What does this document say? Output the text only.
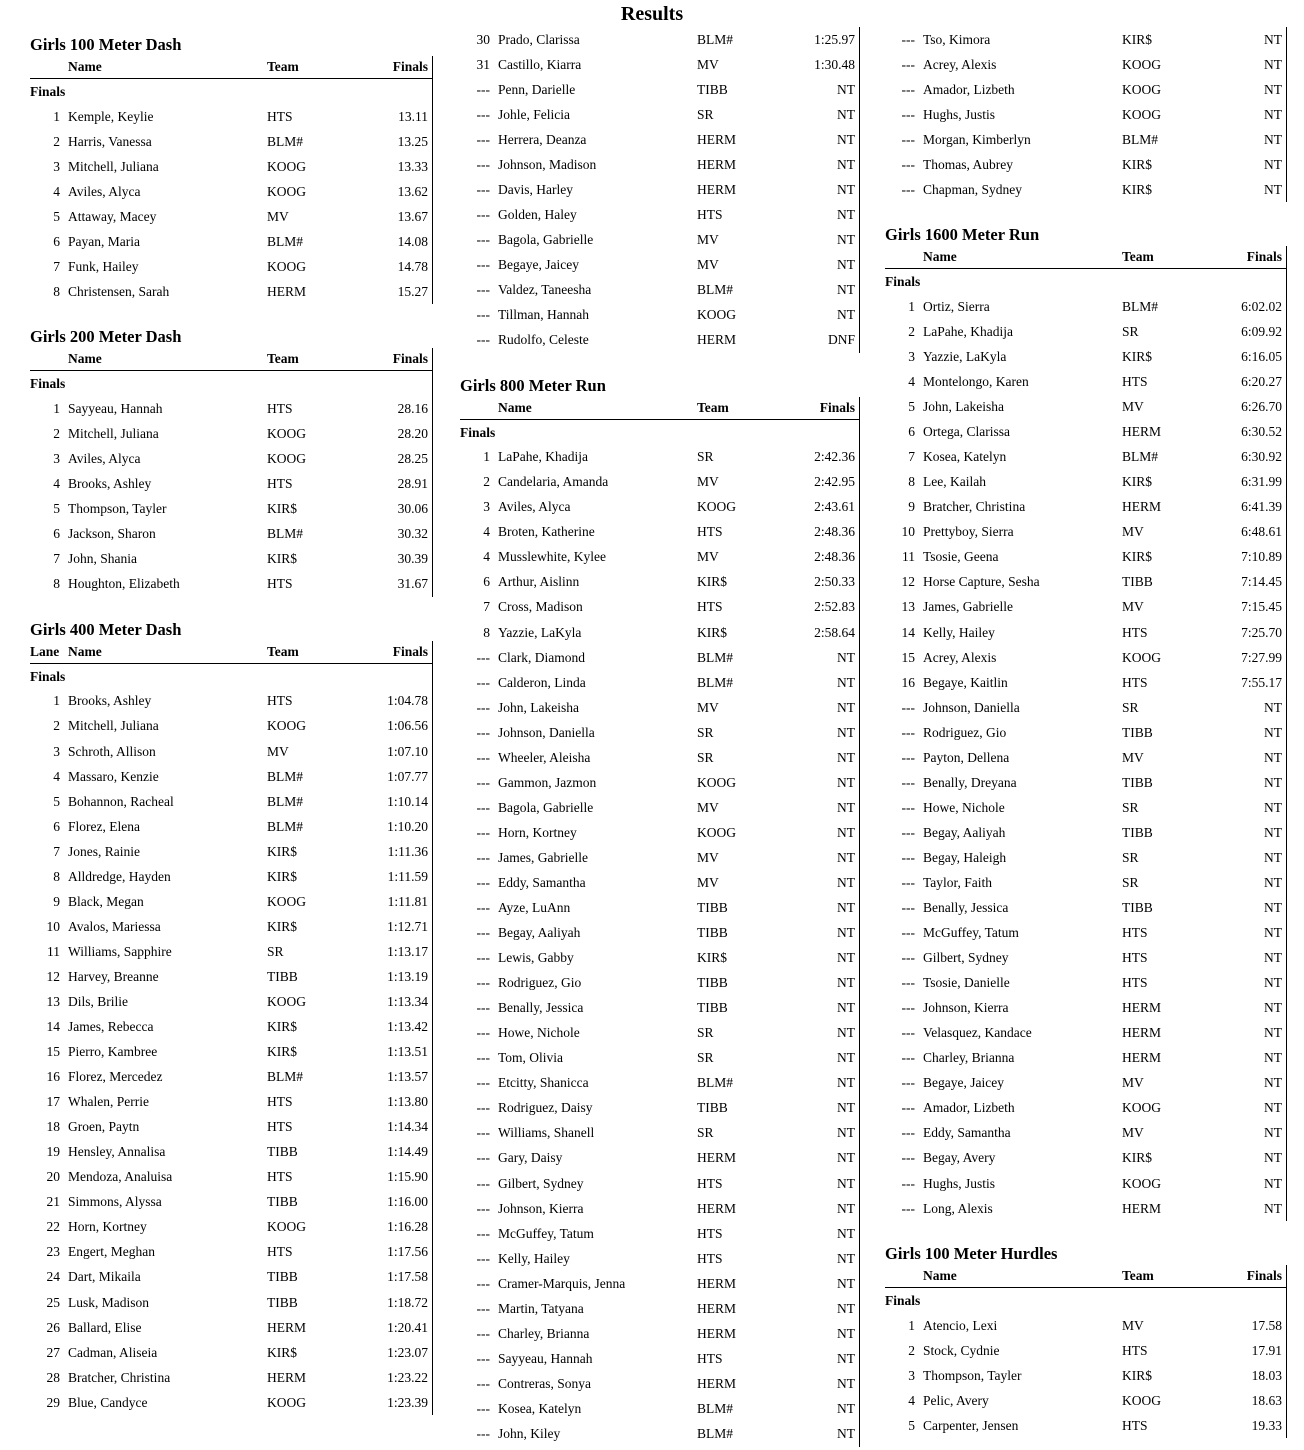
Results
Girls 100 Meter Dash
Name	Team	Finals
Finals
1 Kemple, Keylie	HTS	13.11
2 Harris, Vanessa	BLM#	13.25
3 Mitchell, Juliana	KOOG	13.33
4 Aviles, Alyca	KOOG	13.62
5 Attaway, Macey	MV	13.67
6 Payan, Maria	BLM#	14.08
7 Funk, Hailey	KOOG	14.78
8 Christensen, Sarah	HERM	15.27
Girls 200 Meter Dash
Name	Team	Finals
Finals
1 Sayyeau, Hannah	HTS	28.16
2 Mitchell, Juliana	KOOG	28.20
3 Aviles, Alyca	KOOG	28.25
4 Brooks, Ashley	HTS	28.91
5 Thompson, Tayler	KIR$	30.06
6 Jackson, Sharon	BLM#	30.32
7 John, Shania	KIR$	30.39
8 Houghton, Elizabeth	HTS	31.67
Girls 400 Meter Dash
Lane Name	Team	Finals
Finals
1 Brooks, Ashley	HTS	1:04.78
2 Mitchell, Juliana	KOOG	1:06.56
3 Schroth, Allison	MV	1:07.10
4 Massaro, Kenzie	BLM#	1:07.77
5 Bohannon, Racheal	BLM#	1:10.14
6 Florez, Elena	BLM#	1:10.20
7 Jones, Rainie	KIR$	1:11.36
8 Alldredge, Hayden	KIR$	1:11.59
9 Black, Megan	KOOG	1:11.81
10 Avalos, Mariessa	KIR$	1:12.71
11 Williams, Sapphire	SR	1:13.17
12 Harvey, Breanne	TIBB	1:13.19
13 Dils, Brilie	KOOG	1:13.34
14 James, Rebecca	KIR$	1:13.42
15 Pierro, Kambree	KIR$	1:13.51
16 Florez, Mercedez	BLM#	1:13.57
17 Whalen, Perrie	HTS	1:13.80
18 Groen, Paytn	HTS	1:14.34
19 Hensley, Annalisa	TIBB	1:14.49
20 Mendoza, Analuisa	HTS	1:15.90
21 Simmons, Alyssa	TIBB	1:16.00
22 Horn, Kortney	KOOG	1:16.28
23 Engert, Meghan	HTS	1:17.56
24 Dart, Mikaila	TIBB	1:17.58
25 Lusk, Madison	TIBB	1:18.72
26 Ballard, Elise	HERM	1:20.41
27 Cadman, Aliseia	KIR$	1:23.07
28 Bratcher, Christina	HERM	1:23.22
29 Blue, Candyce	KOOG	1:23.39
30 Prado, Clarissa	BLM#	1:25.97
31 Castillo, Kiarra	MV	1:30.48
--- Penn, Darielle	TIBB	NT
--- Johle, Felicia	SR	NT
--- Herrera, Deanza	HERM	NT
--- Johnson, Madison	HERM	NT
--- Davis, Harley	HERM	NT
--- Golden, Haley	HTS	NT
--- Bagola, Gabrielle	MV	NT
--- Begaye, Jaicey	MV	NT
--- Valdez, Taneesha	BLM#	NT
--- Tillman, Hannah	KOOG	NT
--- Rudolfo, Celeste	HERM	DNF
Girls 800 Meter Run
Name	Team	Finals
Finals
1 LaPahe, Khadija	SR	2:42.36
2 Candelaria, Amanda	MV	2:42.95
3 Aviles, Alyca	KOOG	2:43.61
4 Broten, Katherine	HTS	2:48.36
4 Musslewhite, Kylee	MV	2:48.36
6 Arthur, Aislinn	KIR$	2:50.33
7 Cross, Madison	HTS	2:52.83
8 Yazzie, LaKyla	KIR$	2:58.64
--- Clark, Diamond	BLM#	NT
--- Calderon, Linda	BLM#	NT
--- John, Lakeisha	MV	NT
--- Johnson, Daniella	SR	NT
--- Wheeler, Aleisha	SR	NT
--- Gammon, Jazmon	KOOG	NT
--- Bagola, Gabrielle	MV	NT
--- Horn, Kortney	KOOG	NT
--- James, Gabrielle	MV	NT
--- Eddy, Samantha	MV	NT
--- Ayze, LuAnn	TIBB	NT
--- Begay, Aaliyah	TIBB	NT
--- Lewis, Gabby	KIR$	NT
--- Rodriguez, Gio	TIBB	NT
--- Benally, Jessica	TIBB	NT
--- Howe, Nichole	SR	NT
--- Tom, Olivia	SR	NT
--- Etcitty, Shanicca	BLM#	NT
--- Rodriguez, Daisy	TIBB	NT
--- Williams, Shanell	SR	NT
--- Gary, Daisy	HERM	NT
--- Gilbert, Sydney	HTS	NT
--- Johnson, Kierra	HERM	NT
--- McGuffey, Tatum	HTS	NT
--- Kelly, Hailey	HTS	NT
--- Cramer-Marquis, Jenna	HERM	NT
--- Martin, Tatyana	HERM	NT
--- Charley, Brianna	HERM	NT
--- Sayyeau, Hannah	HTS	NT
--- Contreras, Sonya	HERM	NT
--- Kosea, Katelyn	BLM#	NT
--- John, Kiley	BLM#	NT
--- Tso, Kimora	KIR$	NT
--- Acrey, Alexis	KOOG	NT
--- Amador, Lizbeth	KOOG	NT
--- Hughs, Justis	KOOG	NT
--- Morgan, Kimberlyn	BLM#	NT
--- Thomas, Aubrey	KIR$	NT
--- Chapman, Sydney	KIR$	NT
Girls 1600 Meter Run
Name	Team	Finals
Finals
1 Ortiz, Sierra	BLM#	6:02.02
2 LaPahe, Khadija	SR	6:09.92
3 Yazzie, LaKyla	KIR$	6:16.05
4 Montelongo, Karen	HTS	6:20.27
5 John, Lakeisha	MV	6:26.70
6 Ortega, Clarissa	HERM	6:30.52
7 Kosea, Katelyn	BLM#	6:30.92
8 Lee, Kailah	KIR$	6:31.99
9 Bratcher, Christina	HERM	6:41.39
10 Prettyboy, Sierra	MV	6:48.61
11 Tsosie, Geena	KIR$	7:10.89
12 Horse Capture, Sesha	TIBB	7:14.45
13 James, Gabrielle	MV	7:15.45
14 Kelly, Hailey	HTS	7:25.70
15 Acrey, Alexis	KOOG	7:27.99
16 Begaye, Kaitlin	HTS	7:55.17
--- Johnson, Daniella	SR	NT
--- Rodriguez, Gio	TIBB	NT
--- Payton, Dellena	MV	NT
--- Benally, Dreyana	TIBB	NT
--- Howe, Nichole	SR	NT
--- Begay, Aaliyah	TIBB	NT
--- Begay, Haleigh	SR	NT
--- Taylor, Faith	SR	NT
--- Benally, Jessica	TIBB	NT
--- McGuffey, Tatum	HTS	NT
--- Gilbert, Sydney	HTS	NT
--- Tsosie, Danielle	HTS	NT
--- Johnson, Kierra	HERM	NT
--- Velasquez, Kandace	HERM	NT
--- Charley, Brianna	HERM	NT
--- Begaye, Jaicey	MV	NT
--- Amador, Lizbeth	KOOG	NT
--- Eddy, Samantha	MV	NT
--- Begay, Avery	KIR$	NT
--- Hughs, Justis	KOOG	NT
--- Long, Alexis	HERM	NT
Girls 100 Meter Hurdles
Name	Team	Finals
Finals
1 Atencio, Lexi	MV	17.58
2 Stock, Cydnie	HTS	17.91
3 Thompson, Tayler	KIR$	18.03
4 Pelic, Avery	KOOG	18.63
5 Carpenter, Jensen	HTS	19.33
